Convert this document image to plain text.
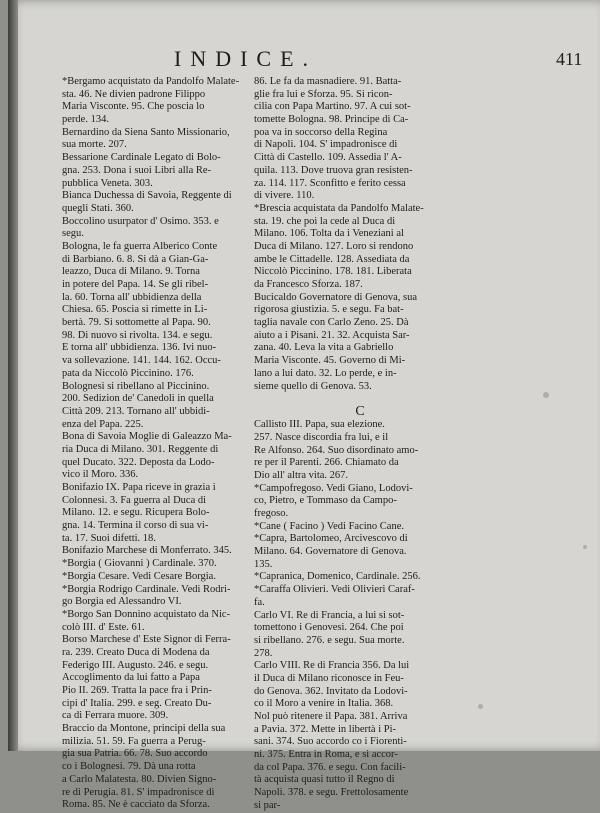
INDICE.	411
*Bergamo acquistato da Pandolfo Malate-
sta. 46. Ne divien padrone Filippo
Maria Visconte. 95. Che poscia lo
perde. 134.
Bernardino da Siena Santo Missionario,
sua morte. 207.
Bessarione Cardinale Legato di Bolo-
gna. 253. Dona i suoi Libri alla Re-
pubblica Veneta. 303.
Bianca Duchessa di Savoia, Reggente di
quegli Stati. 360.
Boccolino usurpator d' Osimo. 353. e
segu.
Bologna, le fa guerra Alberico Conte
di Barbiano. 6. 8. Si dà a Gian-Ga-
leazzo, Duca di Milano. 9. Torna
in potere del Papa. 14. Se gli ribel-
la. 60. Torna all' ubbidienza della
Chiesa. 65. Poscia si rimette in Li-
bertà. 79. Si sottomette al Papa. 90.
98. Di nuovo si rivolta. 134. e segu.
E torna all' ubbidienza. 136. Ivi nuo-
va sollevazione. 141. 144. 162. Occu-
pata da Niccolò Piccinino. 176.
Bolognesi si ribellano al Piccinino.
200. Sedizion de' Canedoli in quella
Città 209. 213. Tornano all' ubbidi-
enza del Papa. 225.
Bona di Savoia Moglie di Galeazzo Ma-
ria Duca di Milano. 301. Reggente di
quel Ducato. 322. Deposta da Lodo-
vico il Moro. 336.
Bonifazio IX. Papa riceve in grazia i
Colonnesi. 3. Fa guerra al Duca di
Milano. 12. e segu. Ricupera Bolo-
gna. 14. Termina il corso di sua vi-
ta. 17. Suoi difetti. 18.
Bonifazio Marchese di Monferrato. 345.
*Borgia ( Giovanni ) Cardinale. 370.
*Borgia Cesare. Vedi Cesare Borgia.
*Borgia Rodrigo Cardinale. Vedi Rodri-
go Borgia ed Alessandro VI.
*Borgo San Donnino acquistato da Nic-
colò III. d' Este. 61.
Borso Marchese d' Este Signor di Ferra-
ra. 239. Creato Duca di Modena da
Federigo III. Augusto. 246. e segu.
Accoglimento da lui fatto a Papa
Pio II. 269. Tratta la pace fra i Prin-
cipi d' Italia. 299. e seg. Creato Du-
ca di Ferrara muore. 309.
Braccio da Montone, principi della sua
milizia. 51. 59. Fa guerra a Perug-
gia sua Patria. 66. 78. Suo accordo
co i Bolognesi. 79. Dà una rotta
a Carlo Malatesta. 80. Divien Signo-
re di Perugia. 81. S' impadronisce di
Roma. 85. Ne è cacciato da Sforza.
86. Le fa da masnadiere. 91. Batta-
glie fra lui e Sforza. 95. Si ricon-
cilia con Papa Martino. 97. A cui sot-
tomette Bologna. 98. Principe di Ca-
poa va in soccorso della Regina
di Napoli. 104. S' impadronisce di
Città di Castello. 109. Assedia l' A-
quila. 113. Dove truova gran resisten-
za. 114. 117. Sconfitto e ferito cessa
di vivere. 110.
*Brescia acquistata da Pandolfo Malate-
sta. 19. che poi la cede al Duca di
Milano. 106. Tolta da i Veneziani al
Duca di Milano. 127. Loro si rendono
ambe le Cittadelle. 128. Assediata da
Niccolò Piccinino. 178. 181. Liberata
da Francesco Sforza. 187.
Bucicaldo Governatore di Genova, sua
rigorosa giustizia. 5. e segu. Fa bat-
taglia navale con Carlo Zeno. 25. Dà
aiuto a i Pisani. 21. 32. Acquista Sar-
zana. 40. Leva la vita a Gabriello
Maria Visconte. 45. Governo di Mi-
lano a lui dato. 32. Lo perde, e in-
sieme quello di Genova. 53.
C
Callisto III. Papa, sua elezione.
257. Nasce discordia fra lui, e il
Re Alfonso. 264. Suo disordinato amo-
re per il Parenti. 266. Chiamato da
Dio all' altra vita. 267.
*Campofregoso. Vedi Giano, Lodovi-
co, Pietro, e Tommaso da Campo-
fregoso.
*Cane ( Facino ) Vedi Facino Cane.
*Capra, Bartolomeo, Arcivescovo di
Milano. 64. Governatore di Genova.
135.
*Capranica, Domenico, Cardinale. 256.
*Caraffa Olivieri. Vedi Olivieri Caraf-
fa.
Carlo VI. Re di Francia, a lui si sot-
tomettono i Genovesi. 264. Che poi
si ribellano. 276. e segu. Sua morte.
278.
Carlo VIII. Re di Francia 356. Da lui
il Duca di Milano riconosce in Feu-
do Genova. 362. Invitato da Lodovi-
co il Moro a venire in Italia. 368.
Nol può ritenere il Papa. 381. Arriva
a Pavia. 372. Mette in libertà i Pi-
sani. 374. Suo accordo co i Fiorenti-
ni. 375. Entra in Roma, e si accor-
da col Papa. 376. e segu. Con facili-
tà acquista quasi tutto il Regno di
Napoli. 378. e segu. Frettolosamente
si par-
